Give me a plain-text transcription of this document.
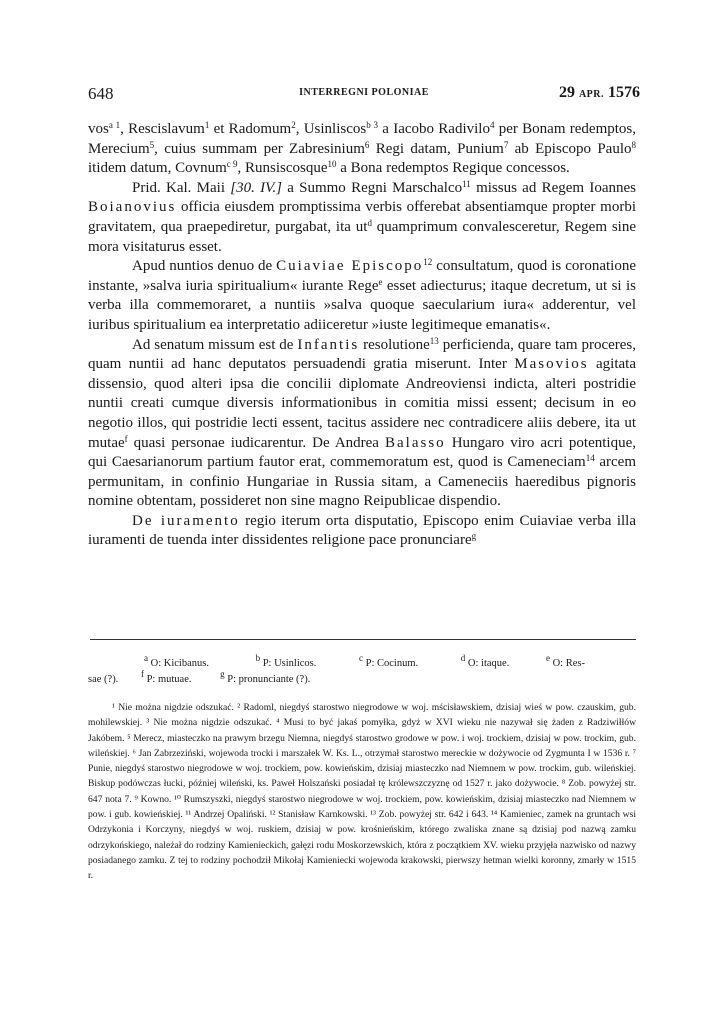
648	INTERREGNI POLONIAE	29 APR. 1576

vos$^{a 1}$, Rescislavum$^1$ et Radomum$^2$, Usinliscos$^{b 3}$ a Iacobo Radivilo$^4$ per Bonam redemptos, Merecium$^5$, cuius summam per Zabresinium$^6$ Regi datam, Punium$^7$ ab Episcopo Paulo$^8$ itidem datum, Covnum$^{c 9}$, Runsiscosque$^{10}$ a Bona redemptos Regique concessos.

Prid. Kal. Maii [30. IV.] a Summo Regni Marschalco$^{11}$ missus ad Regem Ioannes Boianovius officia eiusdem promptissima verbis offerebat absentiamque propter morbi gravitatem, qua praepediretur, purgabat, ita $ut^d$ quamprimum convalesceretur, Regem sine mora visitaturus esset.

Apud nuntios denuo de Cuiaviae Episcopo$^{12}$ consultatum, quod is coronatione instante, »salva iuria spiritualium« iurante Rege$^e$ esset adiecturus; itaque decretum, ut si is verba illa commemoraret, a nuntiis »salva quoque saecularium iura« adderentur, vel iuribus spiritualium ea interpretatio adiiceretur »iuste legitimeque emanatis«.

Ad senatum missum est de Infantis resolutione$^{13}$ perficienda, quare tam proceres, quam nuntii ad hanc deputatos persuadendi gratia miserunt. Inter Masovios agitata dissensio, quod alteri ipsa die concilii diplomate Andreoviensi indicta, alteri postridie nuntii creati cumque diversis informationibus in comitia missi essent; decisum in eo negotio illos, qui postridie lecti essent, tacitus assidere nec contradicere aliis debere, ita ut mutae$^f$ quasi personae iudicarentur. De Andrea Balasso Hungaro viro acri potentique, qui Caesarianorum partium fautor erat, commemoratum est, quod is Cameneciam$^{14}$ arcem permunitam, in confinio Hungariae in Russia sitam, a Cameneciis haeredibus pignoris nomine obtentam, possideret non sine magno Reipublicae dispendio.

De iuramento regio iterum orta disputatio, Episcopo enim Cuiaviae verba illa iuramenti de tuenda inter dissidentes religione pace pronunciare$^g$

$^a$ O: Kicibanus.	$^b$ P: Usinlicos.	$^c$ P: Cocinum.	$^d$ O: itaque.	$^e$ O: Res-
sae (?).	$^f$ P: mutuae.	$^g$ P: pronunciante (?).

¹ Nie można nigdzie odszukać. ² Radoml, niegdyś starostwo niegrodowe w woj. mścisławskiem, dzisiaj wieś w pow. czauskim, gub. mohilewskiej. ³ Nie można nigdzie odszukać. ⁴ Musi to być jakaś pomyłka, gdyż w XVI wieku nie nazywał się żaden z Radziwiłłów Jakóbem. ⁵ Merecz, miasteczko na prawym brzegu Niemna, niegdyś starostwo grodowe w pow. i woj. trockiem, dzisiaj w pow. trockim, gub. wileńskiej. ⁶ Jan Zabrzeziński, wojewoda trocki i marszałek W. Ks. L., otrzymał starostwo mereckie w dożywocie od Zygmunta I w 1536 r. ⁷ Punie, niegdyś starostwo niegrodowe w woj. trockiem, pow. kowieńskim, dzisiaj miasteczko nad Niemnem w pow. trockim, gub. wileńskiej. Biskup podówczas łucki, później wileński, ks. Paweł Holszański posiadał tę królewszczyznę od 1527 r. jako dożywocie. ⁸ Zob. powyżej str. 647 nota 7. ⁹ Kowno. ¹⁰ Rumszyszki, niegdyś starostwo niegrodowe w woj. trockiem, pow. kowieńskim, dzisiaj miasteczko nad Niemnem w pow. i gub. kowieńskiej. ¹¹ Andrzej Opaliński. ¹² Stanisław Karnkowski. ¹³ Zob. powyżej str. 642 i 643. ¹⁴ Kamieniec, zamek na gruntach wsi Odrzykonia i Korczyny, niegdyś w woj. ruskiem, dzisiaj w pow. krośnieńskim, którego zwaliska znane są dzisiaj pod nazwą zamku odrzykońskiego, należał do rodziny Kamienieckich, gałęzi rodu Moskorzewskich, która z początkiem XV. wieku przyjęła nazwisko od nazwy posiadanego zamku. Z tej to rodziny pochodził Mikołaj Kamieniecki wojewoda krakowski, pierwszy hetman wielki koronny, zmarły w 1515 r.
